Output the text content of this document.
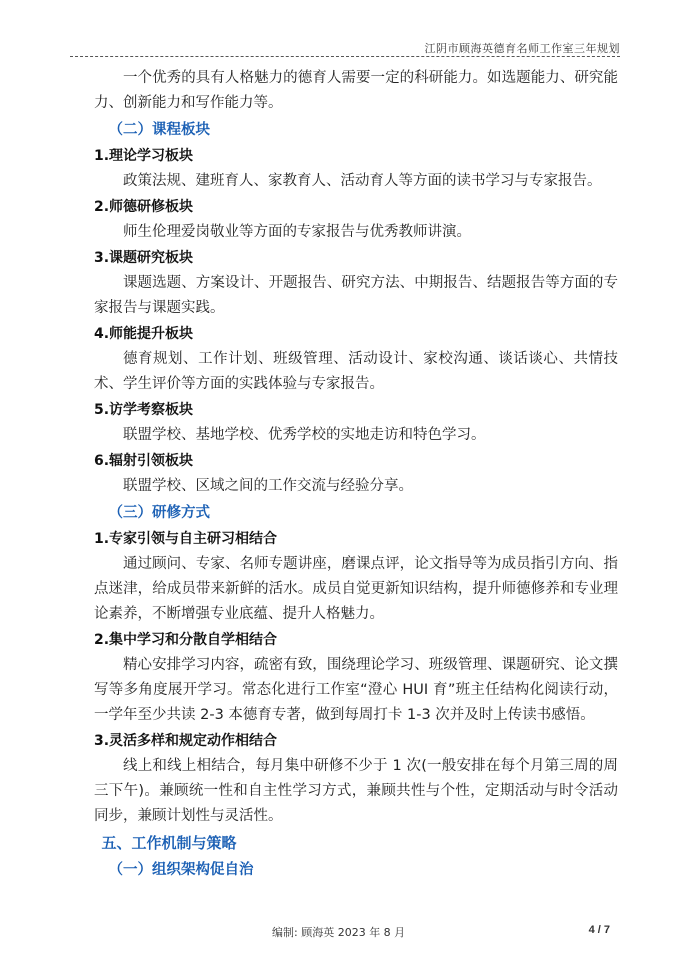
江阴市顾海英德育名师工作室三年规划

一个优秀的具有人格魅力的德育人需要一定的科研能力。如选题能力、研究能力、创新能力和写作能力等。

（二）课程板块
1.理论学习板块

政策法规、建班育人、家教育人、活动育人等方面的读书学习与专家报告。

2.师德研修板块

师生伦理爱岗敬业等方面的专家报告与优秀教师讲演。

3.课题研究板块

课题选题、方案设计、开题报告、研究方法、中期报告、结题报告等方面的专家报告与课题实践。

4.师能提升板块

德育规划、工作计划、班级管理、活动设计、家校沟通、谈话谈心、共情技术、学生评价等方面的实践体验与专家报告。

5.访学考察板块

联盟学校、基地学校、优秀学校的实地走访和特色学习。

6.辐射引领板块

联盟学校、区域之间的工作交流与经验分享。

（三）研修方式
1.专家引领与自主研习相结合

通过顾问、专家、名师专题讲座，磨课点评，论文指导等为成员指引方向、指点迷津，给成员带来新鲜的活水。成员自觉更新知识结构，提升师德修养和专业理论素养，不断增强专业底蕴、提升人格魅力。

2.集中学习和分散自学相结合

精心安排学习内容，疏密有致，围绕理论学习、班级管理、课题研究、论文撰写等多角度展开学习。常态化进行工作室“澄心 HUI 育”班主任结构化阅读行动，一学年至少共读 2-3 本德育专著，做到每周打卡 1-3 次并及时上传读书感悟。

3.灵活多样和规定动作相结合

线上和线上相结合，每月集中研修不少于 1 次(一般安排在每个月第三周的周三下午)。兼顾统一性和自主性学习方式，兼顾共性与个性，定期活动与时令活动同步，兼顾计划性与灵活性。

五、工作机制与策略
（一）组织架构促自治
编制: 顾海英 2023 年 8 月	4 / 7
